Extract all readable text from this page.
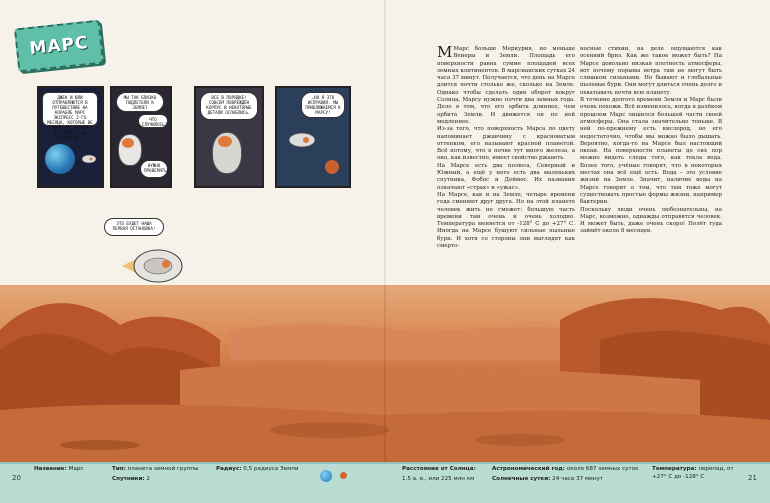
МАРС
ДЖЕК И ЮЛИ ОТПРАВЛЯЮТСЯ В ПУТЕШЕСТВИЕ НА КОРАБЛЕ МАРС ЭКСПРЕСС 2-ГО МЕСЯЦА, КОТОРЫЕ ВЕ ОТВЫЕТ ОТ ЧЕТЫРЕХ ЛАСТОЧЕК И НА ПРИБАНИЮ.
МЫ ТАК БЛИЗКО ПОДЛЕТЕЛИ К ЗЕМЛЕ?
ЧТО СЛУЧИЛОСЬ?
НУЖНО ПРОВЕРИТЬ!
ВСЕ В ПОРЯДКЕ! СОВСЕМ ПОВРЕЖДЁН КОРПУС И НЕКОТОРЫЕ ДЕТАЛИ ОСЛАБЛИСЬ.
…НО Я ЭТО ИСПРАВИЛ. МЫ ПРИБЛИЖАЕМСЯ К МАРСУ!
ЭТО БУДЕТ НАША ПЕРВАЯ ОСТАНОВКА!

М Марс больше Меркурия, но меньше Венеры и Земли. Площадь его поверхности равна сумме площадей всех земных континентов. В марсианских сутках 24 часа 37 минут. Получается, что день на Марсе длится почти столько же, сколько на Земле. Однако чтобы сделать один оборот вокруг Солнца, Марсу нужно почти два земных года. Дело в том, что его орбита длиннее, чем орбита Земли. И движется он по ней медленнее.

Из-за того, что поверхность Марса по цвету напоминает ржавчину с красноватым оттенком, его называют красной планетой. Всё потому, что в почве тут много железа, а оно, как известно, имеет свойство ржаветь.

На Марсе есть два полюса, Северный и Южный, а ещё у него есть два маленьких спутника, Фобос и Деймос. Их названия означают «страх» и «ужас».

На Марсе, как и на Земле, четыре времени года сменяют друг друга. Но на этой планете человек жить не сможет: большую часть времени там очень и очень холодно. Температура меняется от -128° С до +27° С. Иногда на Марсе бушуют сильные пыльные бури. И хотя со стороны они выглядят как смерто-

носные стихии, на деле ощущаются как осенний бриз. Как же такое может быть? На Марсе довольно низкая плотность атмосферы, вот почему порывы ветра там не могут быть слишком сильными. Но бывают и глобальные пылевые бури. Они могут длиться очень долго и охватывать почти всю планету.

В течение долгого времени Земля и Марс были очень похожи. Всё изменилось, когда в далёком прошлом Марс лишился большей части своей атмосферы. Она стала значительно тоньше. В ней по-прежнему есть кислород, но его недостаточно, чтобы мы можно было дышать. Вероятно, когда-то на Марсе был настоящий океан. На поверхности планеты до сих пор можно видеть следы того, как текла вода. Более того, учёные говорят, что в некоторых местах она всё ещё есть. Вода – это условие жизни на Земле. Значит, наличие воды на Марсе говорит о том, что там тоже могут существовать простые формы жизни, например бактерии.

Поскольку люди очень любознательны, на Марс, возможно, однажды отправятся человек. И может быть, даже очень скоро! Полёт туда займёт около 8 месяцев.

20	21
Название: Марс	Тип: планета земной группы
Спутники: 2
Радиус: 0,5 радиуса Земли	Расстояние от Солнца:
1,5 а. е., или 225 млн км
Астрономический год: около 687 земных суток
Солнечные сутки: 24 часа 37 минут
Температура: перепад, от +27° С до -128° С
